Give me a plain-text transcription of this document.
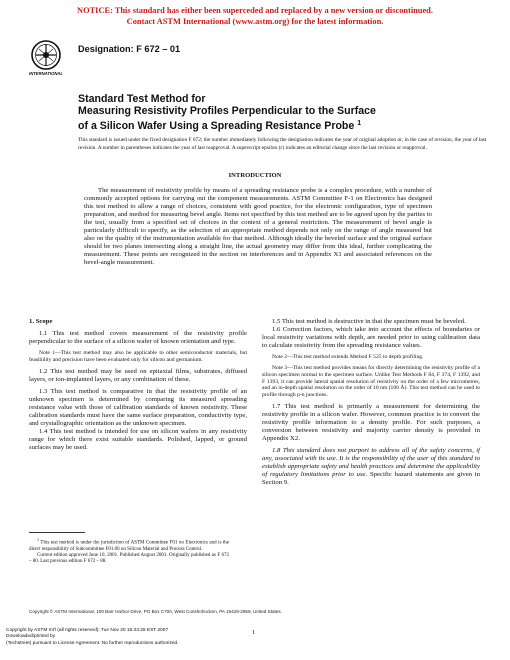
NOTICE: This standard has either been superceded and replaced by a new version or discontinued.
Contact ASTM International (www.astm.org) for the latest information.
INTERNATIONAL
Designation: F 672 – 01
Standard Test Method for
Measuring Resistivity Profiles Perpendicular to the Surface
of a Silicon Wafer Using a Spreading Resistance Probe $^1$
This standard is issued under the fixed designation F 672; the number immediately following the designation indicates the year of original adoption or, in the case of revision, the year of last revision. A number in parentheses indicates the year of last reapproval. A superscript epsilon (ε) indicates an editorial change since the last revision or reapproval.
INTRODUCTION
The measurement of resistivity profile by means of a spreading resistance probe is a complex procedure, with a number of commonly accepted options for carrying out the component measurements. ASTM Committee F-1 on Electronics has designed this test method to allow a range of choices, consistent with good practice, for the electronic configuration, type of specimen preparation, and method for measuring bevel angle. Items not specified by this test method are to be agreed upon by the parties to the test, usually from a specified set of choices in the context of a general restriction. The measurement of bevel angle is particularly difficult to specify, as the selection of an appropriate method depends not only on the range of angle measured but also on the quality of the instrumentation available for that method. Although ideally the beveled surface and the original surface should be two planes intersecting along a straight line, the actual geometry may differ from this ideal, further complicating the measurement. These points are recognized in the section on interferences and in Appendix X1 and associated references on the bevel-angle measurement.
1. Scope

1.1 This test method covers measurement of the resistivity profile perpendicular to the surface of a silicon wafer of known orientation and type.

Note 1—This test method may also be applicable to other semiconductor materials, but feasibility and precision have been evaluated only for silicon and germanium.

1.2 This test method may be used on epitaxial films, substrates, diffused layers, or ion-implanted layers, or any combination of these.

1.3 This test method is comparative in that the resistivity profile of an unknown specimen is determined by comparing its measured spreading resistance value with those of calibration standards of known resistivity. These calibration standards must have the same surface preparation, conductivity type, and crystallographic orientation as the unknown specimen.

1.4 This test method is intended for use on silicon wafers in any resistivity range for which there exist suitable standards. Polished, lapped, or ground surfaces may be used.

1.5 This test method is destructive in that the specimen must be beveled.

1.6 Correction factors, which take into account the effects of boundaries or local resistivity variations with depth, are needed prior to using calibration data to calculate resistivity from the spreading resistance values.

Note 2—This test method extends Method F 525 to depth profiling.

Note 3—This test method provides means for directly determining the resistivity profile of a silicon specimen normal to the specimen surface. Unlike Test Methods F 84, F 374, F 1392, and F 1393, it can provide lateral spatial resolution of resistivity on the order of a few micrometres, and an in-depth spatial resolution on the order of 10 nm (100 Å). This test method can be used to profile through p-n junctions.

1.7 This test method is primarily a measurement for determining the resistivity profile in a silicon wafer. However, common practice is to convert the resistivity profile information to a density profile. For such purposes, a conversion between resistivity and majority carrier density is provided in Appendix X2.

1.8 This standard does not purport to address all of the safety concerns, if any, associated with its use. It is the responsibility of the user of this standard to establish appropriate safety and health practices and determine the applicability of regulatory limitations prior to use. Specific hazard statements are given in Section 9.

$^1$ This test method is under the jurisdiction of ASTM Committee F01 on Electronics and is the direct responsibility of Subcommittee F01.06 on Silicon Material and Process Control.

Current edition approved June 10, 2001. Published August 2001. Originally published as F 672 – 80. Last previous edition F 672 – 88.

Copyright © ASTM International, 100 Barr Harbor Drive, PO Box C700, West Conshohocken, PA 19428-2959, United States.
1
Copyright by ASTM Int'l (all rights reserved); Tue Nov 20 15:34:25 EST 2007
Downloaded/printed by
(Techstreet) pursuant to License Agreement. No further reproductions authorized.
